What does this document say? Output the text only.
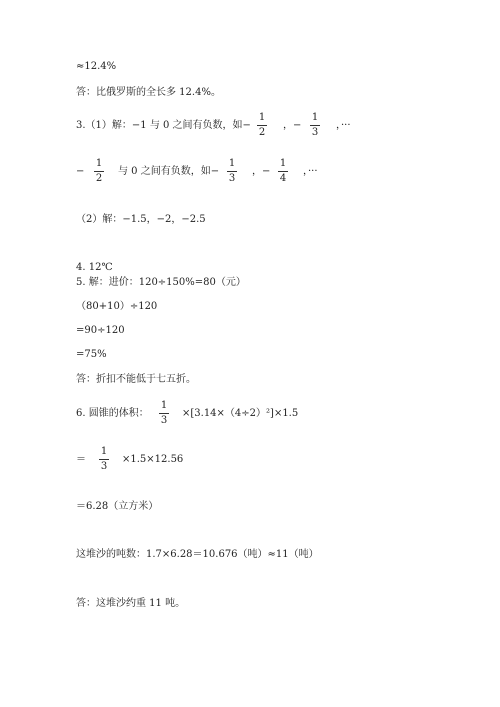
≈12.4%
答：比俄罗斯的全长多 12.4%。
3.（1）解：−1 与 0 之间有负数，如−
1
2
，−
1
3
，···
−
1
2
与 0 之间有负数，如−
1
3
，−
1
4
，···
（2）解：−1.5，−2，−2.5
4. 12℃
5. 解：进价：120÷150%=80（元）
（80+10）÷120
=90÷120
=75%
答：折扣不能低于七五折。
6. 圆锥的体积：
1
3
×[3.14×（4÷2）²]×1.5
＝
1
3
×1.5×12.56
＝6.28（立方米）
这堆沙的吨数：1.7×6.28＝10.676（吨）≈11（吨）
答：这堆沙约重 11 吨。
